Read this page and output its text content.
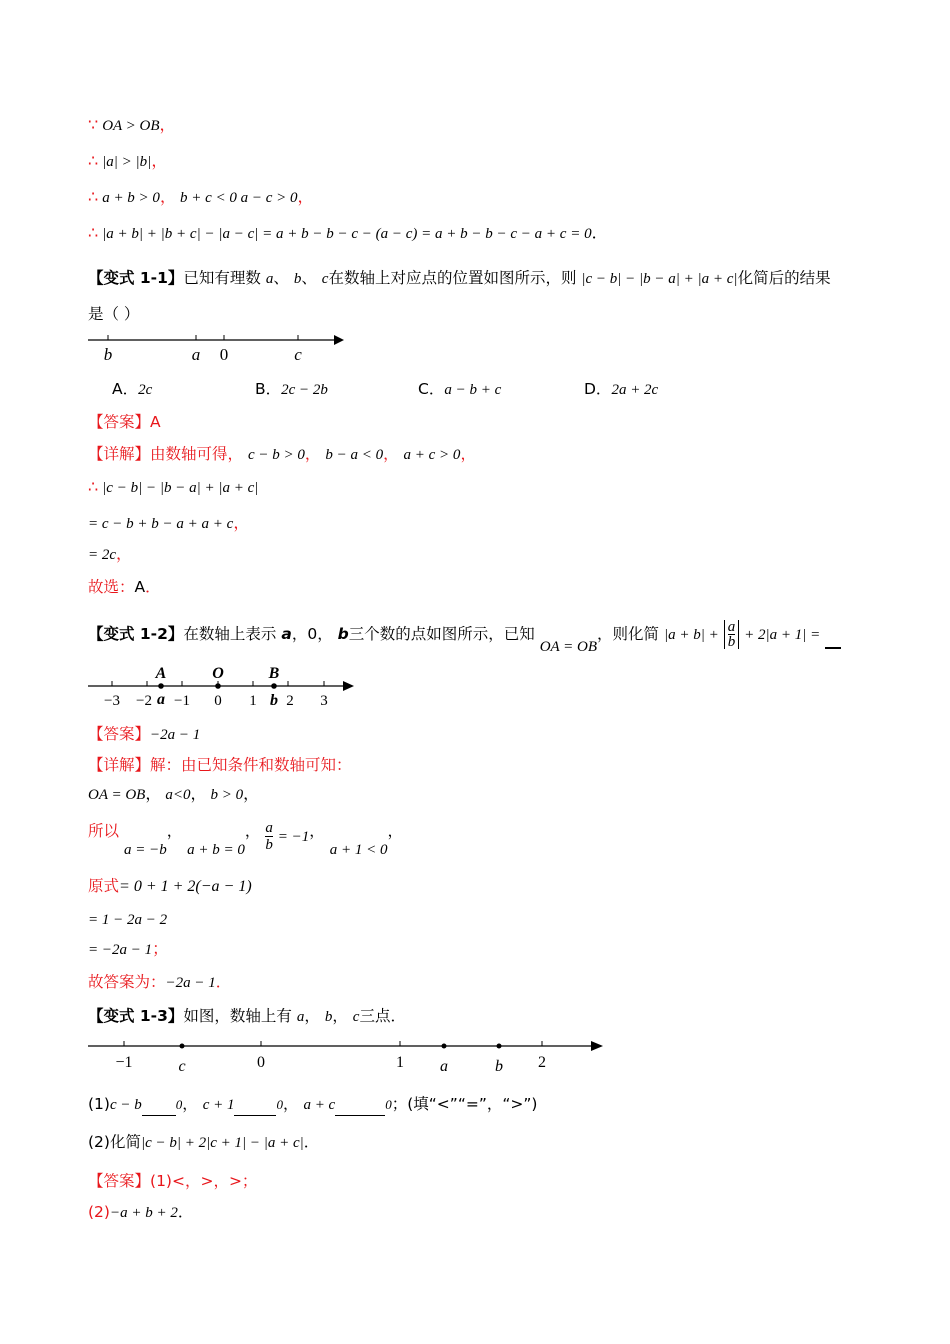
∵ OA > OB，
∴ |a| > |b|，
∴ a + b > 0， b + c < 0 a − c > 0，
∴ |a + b| + |b + c| − |a − c| = a + b − b − c − (a − c) = a + b − b − c − a + c = 0．
【变式 1-1】已知有理数 a、 b、 c在数轴上对应点的位置如图所示，则 |c − b| − |b − a| + |a + c|化简后的结果
是（ ）
b	a 0	c
A．2c	B．2c − 2b	C．a − b + c	D．2a + 2c
【答案】A
【详解】由数轴可得， c − b > 0， b − a < 0， a + c > 0，
∴ |c − b| − |b − a| + |a + c|
= c − b + b − a + a + c，
= 2c，
故选：A．
【变式 1-2】在数轴上表示 a，0， b三个数的点如图所示，已知 OA = OB，则化简 $|a + b| + \frac{a}{b} + 2|a + 1|$ =
A	O	B
−3 −2 −1 0 1 2 3
a	b
【答案】−2a − 1
【详解】解：由已知条件和数轴可知：
OA = OB， a<0， b > 0，
所以 a = −b， a + b = 0， $\frac{a}{b} = -1$， a + 1 < 0，
原式= 0 + 1 + 2(−a − 1)
= 1 − 2a − 2
= −2a − 1；
故答案为：−2a − 1．
【变式 1-3】如图，数轴上有 a， b， c三点．
−1	c	0	1 a	b 2
(1)c − b	0， c + 1	0， a + c	0；(填“<”“=”，“>”)
(2)化简|c − b| + 2|c + 1| − |a + c|．
【答案】(1)<，>，>；
(2)−a + b + 2．
